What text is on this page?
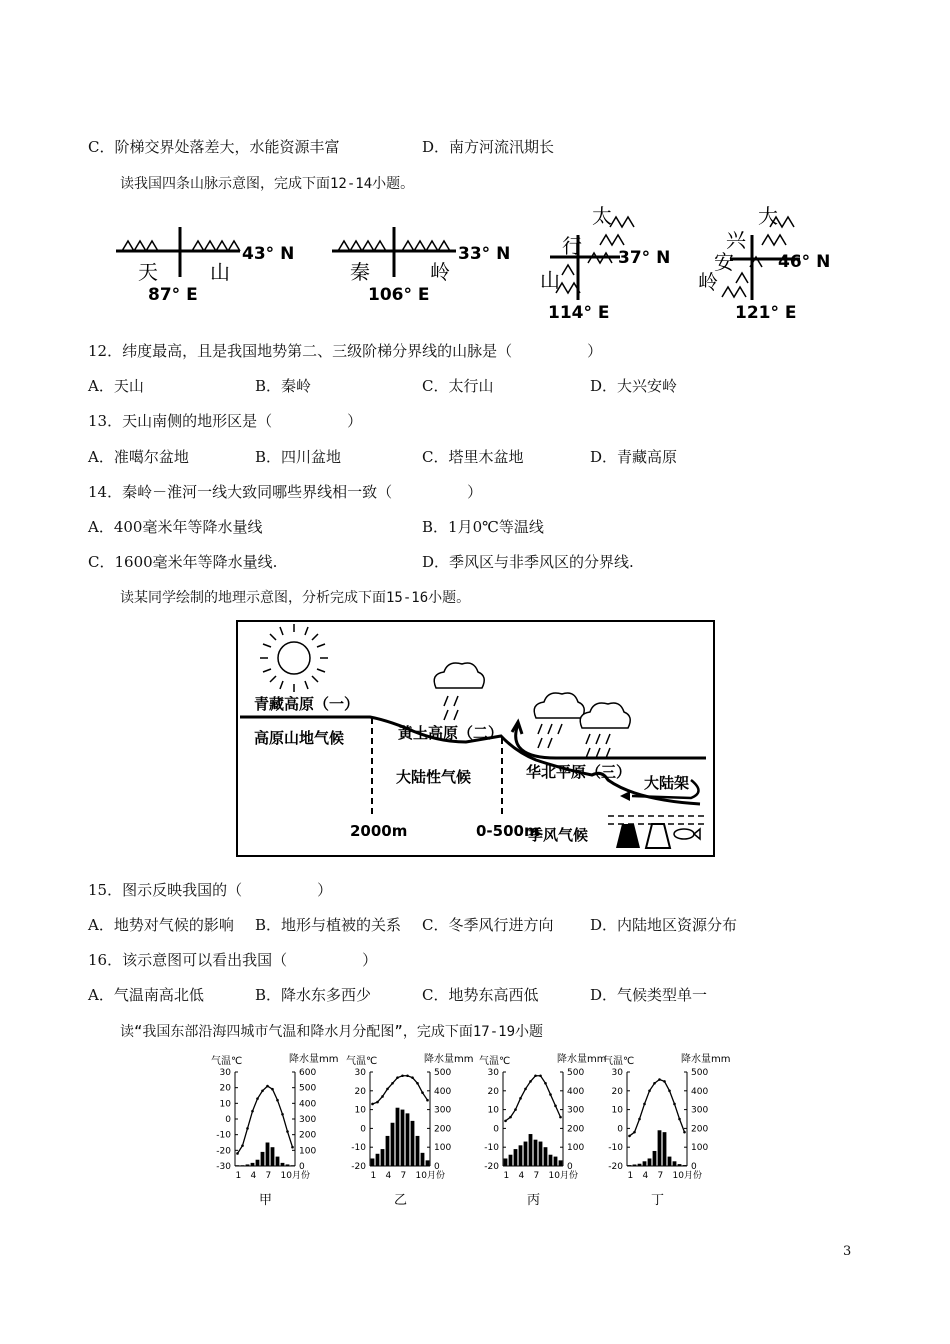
C．阶梯交界处落差大，水能资源丰富	D．南方河流汛期长
读我国四条山脉示意图，完成下面12-14小题。
天	山
43° N
87° E
秦	岭
33° N
106° E
太
行
山
37° N
114° E
大
兴
安
岭
46° N
121° E
12．纬度最高，且是我国地势第二、三级阶梯分界线的山脉是（　　　　　）
A．天山	B．秦岭	C．太行山	D．大兴安岭
13．天山南侧的地形区是（　　　　　）
A．准噶尔盆地	B．四川盆地	C．塔里木盆地	D．青藏高原
14．秦岭－淮河一线大致同哪些界线相一致（　　　　　）
A．400毫米年等降水量线	B．1月0℃等温线
C．1600毫米年等降水量线.	D．季风区与非季风区的分界线.
读某同学绘制的地理示意图，分析完成下面15-16小题。
青藏高原（一）
高原山地气候	黄土高原（二）
大陆性气候	华北平原（三）
大陆架
季风气候
2000m	0-500m
15．图示反映我国的（　　　　　）
A．地势对气候的影响 B．地形与植被的关系 C．冬季风行进方向 D．内陆地区资源分布
16．该示意图可以看出我国（　　　　　）
A．气温南高北低	B．降水东多西少	C．地势东高西低	D．气候类型单一
读“我国东部沿海四城市气温和降水月分配图”，完成下面17-19小题
气温℃	降水量mm
30
20
10
0
-10
-20
-30
600
500
400
300
200
100
0
1 4 7 10月份
甲
气温℃	降水量mm
30
20
10
0
-10
-20
500
400
300
200
100
0
1 4 7 10月份
乙
气温℃	降水量mm
30
20
10
0
-10
-20
500
400
300
200
100
0
1 4 7 10月份
丙
气温℃	降水量mm
30
20
10
0
-10
-20
500
400
300
200
100
0
1 4 7 10月份
丁
3
